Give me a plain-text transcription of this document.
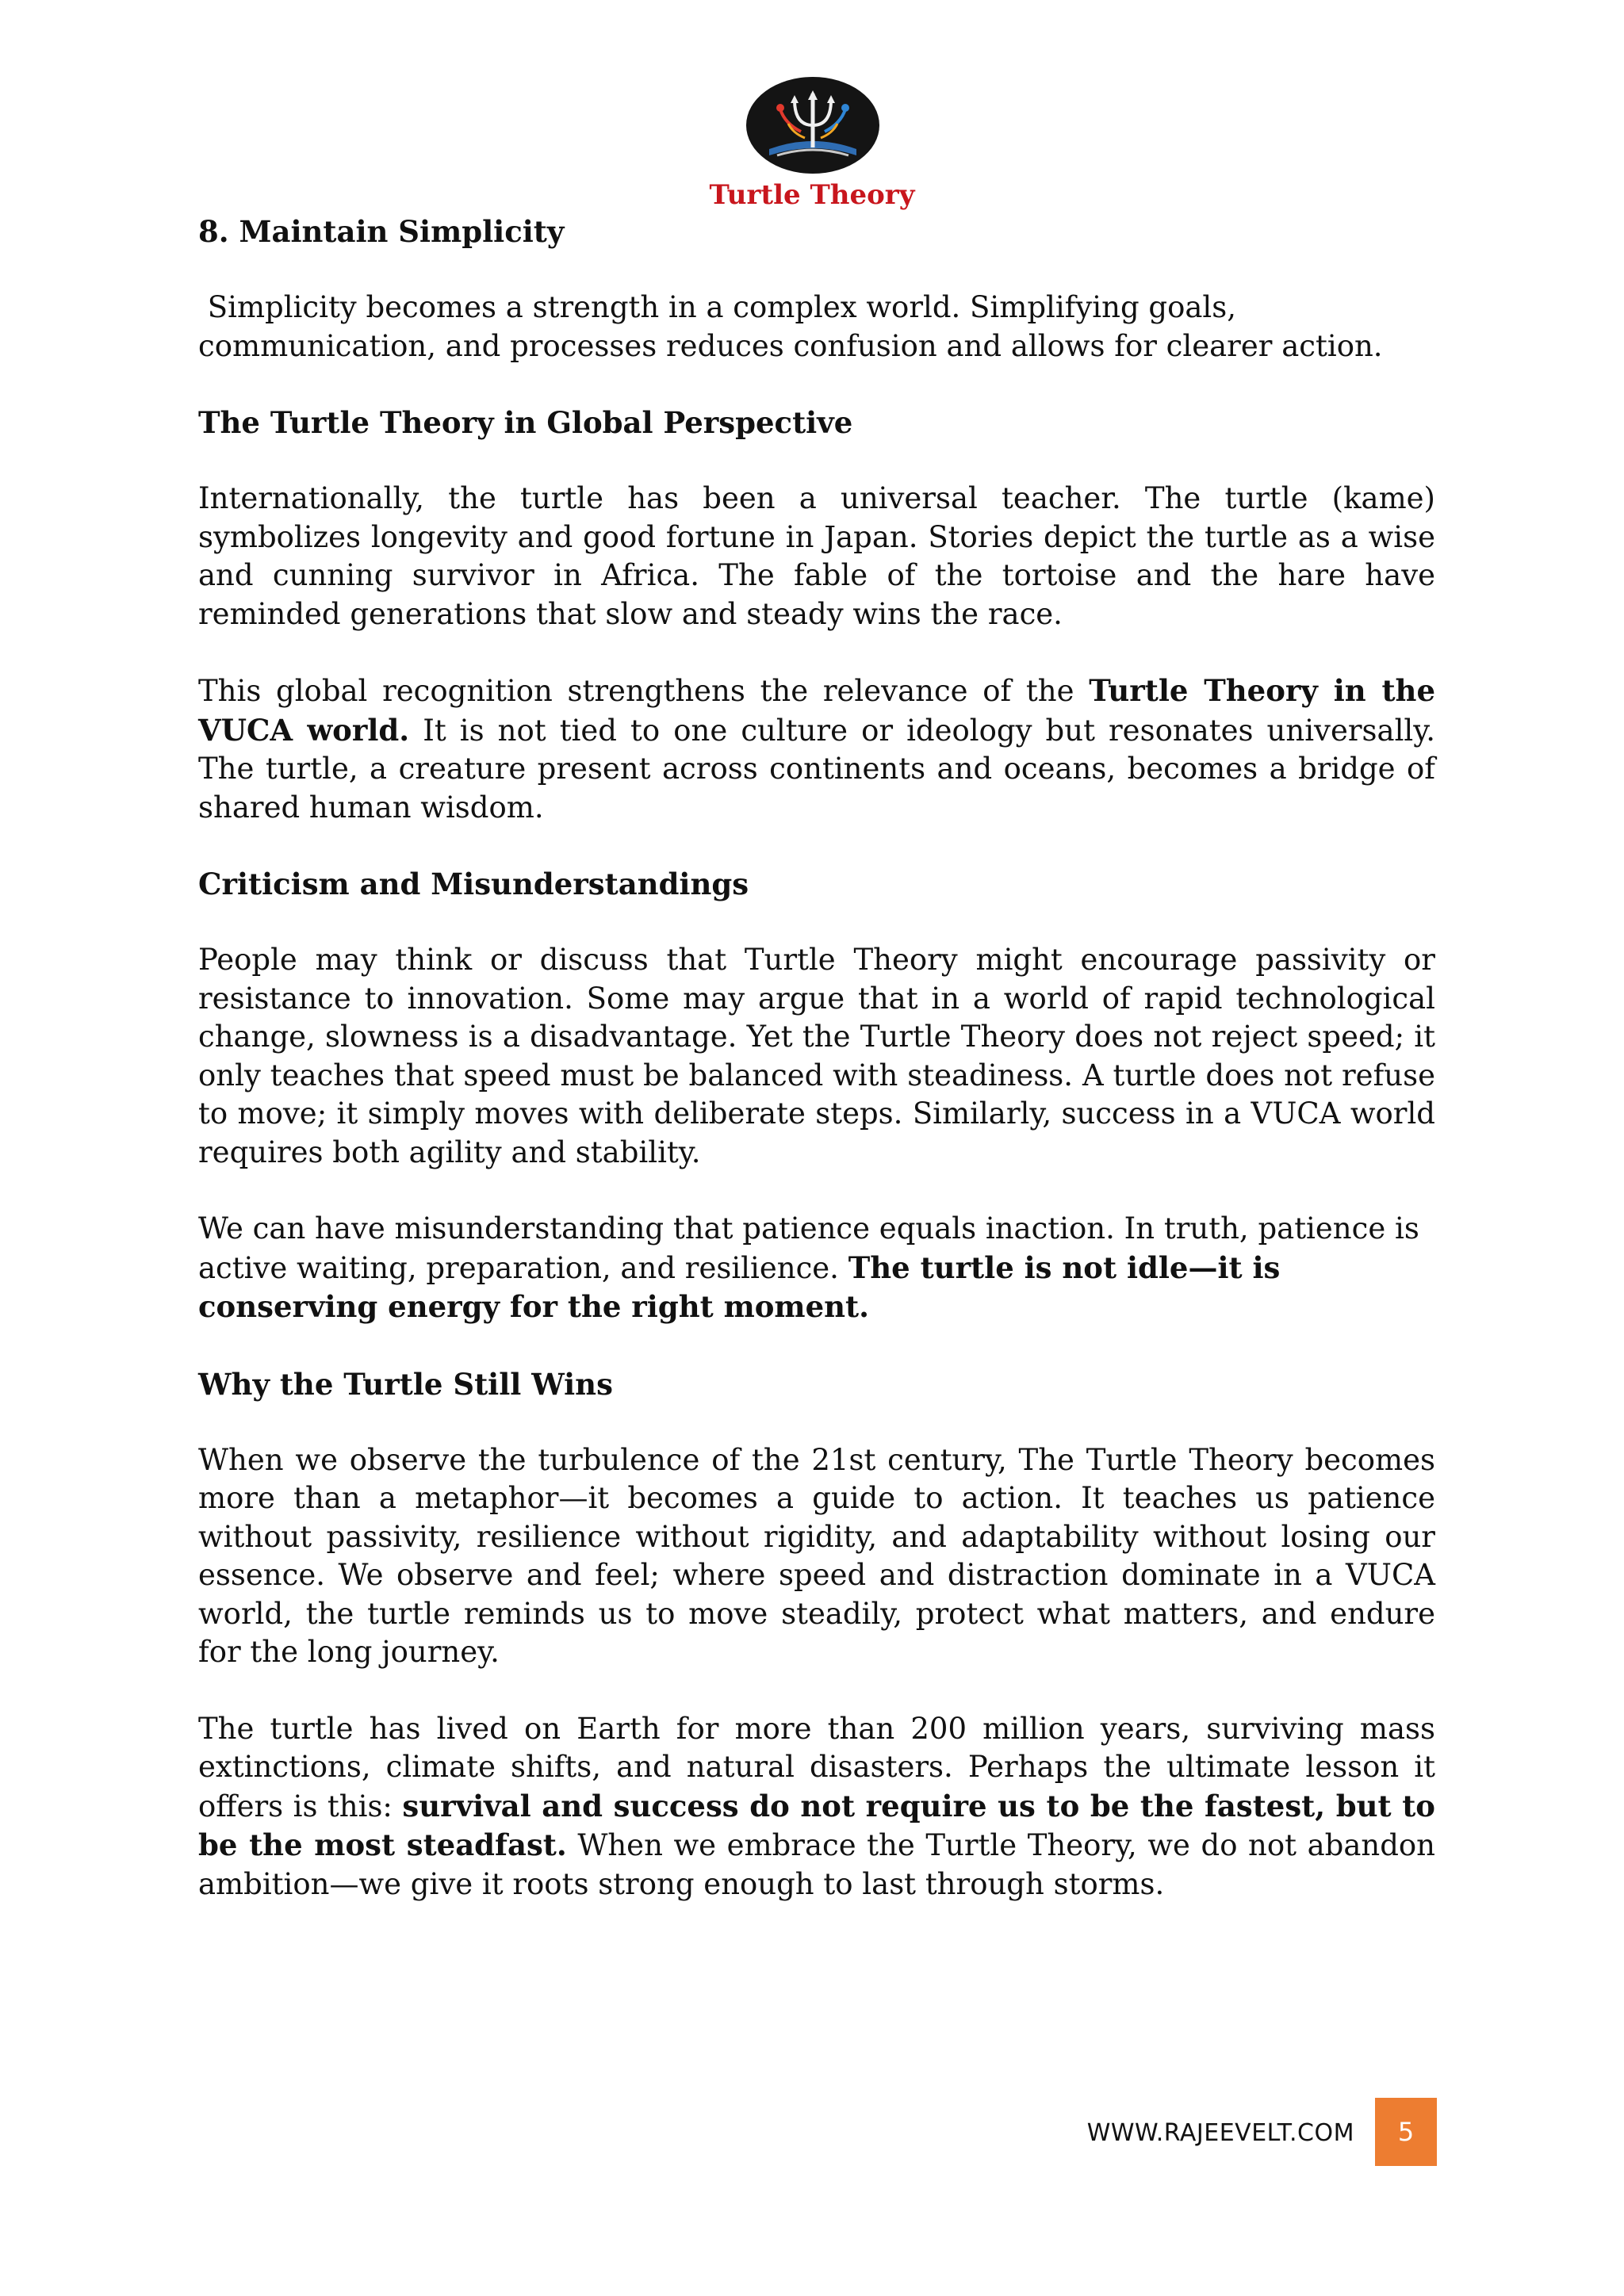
Turtle Theory
8. Maintain Simplicity

Simplicity becomes a strength in a complex world. Simplifying goals, communication, and processes reduces confusion and allows for clearer action.

The Turtle Theory in Global Perspective

Internationally, the turtle has been a universal teacher. The turtle (kame) symbolizes longevity and good fortune in Japan. Stories depict the turtle as a wise and cunning survivor in Africa. The fable of the tortoise and the hare have reminded generations that slow and steady wins the race.

This global recognition strengthens the relevance of the Turtle Theory in the VUCA world. It is not tied to one culture or ideology but resonates universally. The turtle, a creature present across continents and oceans, becomes a bridge of shared human wisdom.

Criticism and Misunderstandings

People may think or discuss that Turtle Theory might encourage passivity or resistance to innovation. Some may argue that in a world of rapid technological change, slowness is a disadvantage. Yet the Turtle Theory does not reject speed; it only teaches that speed must be balanced with steadiness. A turtle does not refuse to move; it simply moves with deliberate steps. Similarly, success in a VUCA world requires both agility and stability.

We can have misunderstanding that patience equals inaction. In truth, patience is active waiting, preparation, and resilience. The turtle is not idle—it is conserving energy for the right moment.

Why the Turtle Still Wins

When we observe the turbulence of the 21st century, The Turtle Theory becomes more than a metaphor—it becomes a guide to action. It teaches us patience without passivity, resilience without rigidity, and adaptability without losing our essence. We observe and feel; where speed and distraction dominate in a VUCA world, the turtle reminds us to move steadily, protect what matters, and endure for the long journey.

The turtle has lived on Earth for more than 200 million years, surviving mass extinctions, climate shifts, and natural disasters. Perhaps the ultimate lesson it offers is this: survival and success do not require us to be the fastest, but to be the most steadfast. When we embrace the Turtle Theory, we do not abandon ambition—we give it roots strong enough to last through storms.

WWW.RAJEEVELT.COM	5
